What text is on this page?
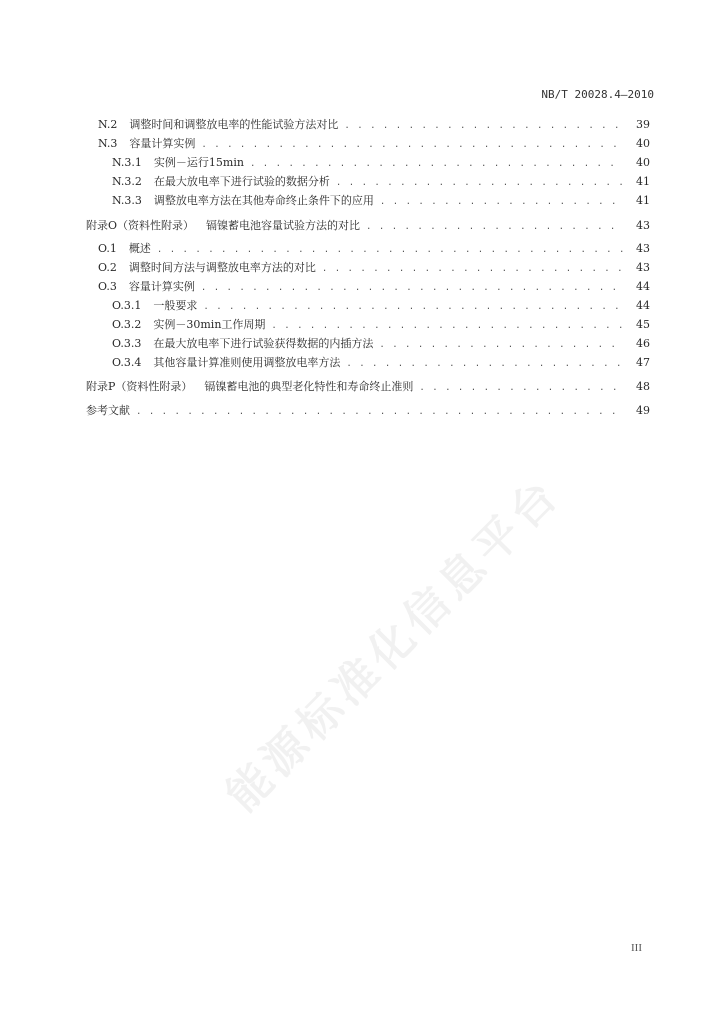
NB/T 20028.4—2010
N.2	调整时间和调整放电率的性能试验方法对比 . . .	39
N.3	容量计算实例 . . .	40
N.3.1	实例－运行15min . . .	40
N.3.2	在最大放电率下进行试验的数据分析 . . .	41
N.3.3	调整放电率方法在其他寿命终止条件下的应用 . . .	41
附录O（资料性附录）	镉镍蓄电池容量试验方法的对比 . . .	43
O.1	概述 . . .	43
O.2	调整时间方法与调整放电率方法的对比 . . .	43
O.3	容量计算实例 . . .	44
O.3.1	一般要求 . . .	44
O.3.2	实例－30min工作周期 . . .	45
O.3.3	在最大放电率下进行试验获得数据的内插方法 . . .	46
O.3.4	其他容量计算准则使用调整放电率方法 . . .	47
附录P（资料性附录）	镉镍蓄电池的典型老化特性和寿命终止准则 . . .	48
参考文献 . . .	49
能源标准化信息平台
III
